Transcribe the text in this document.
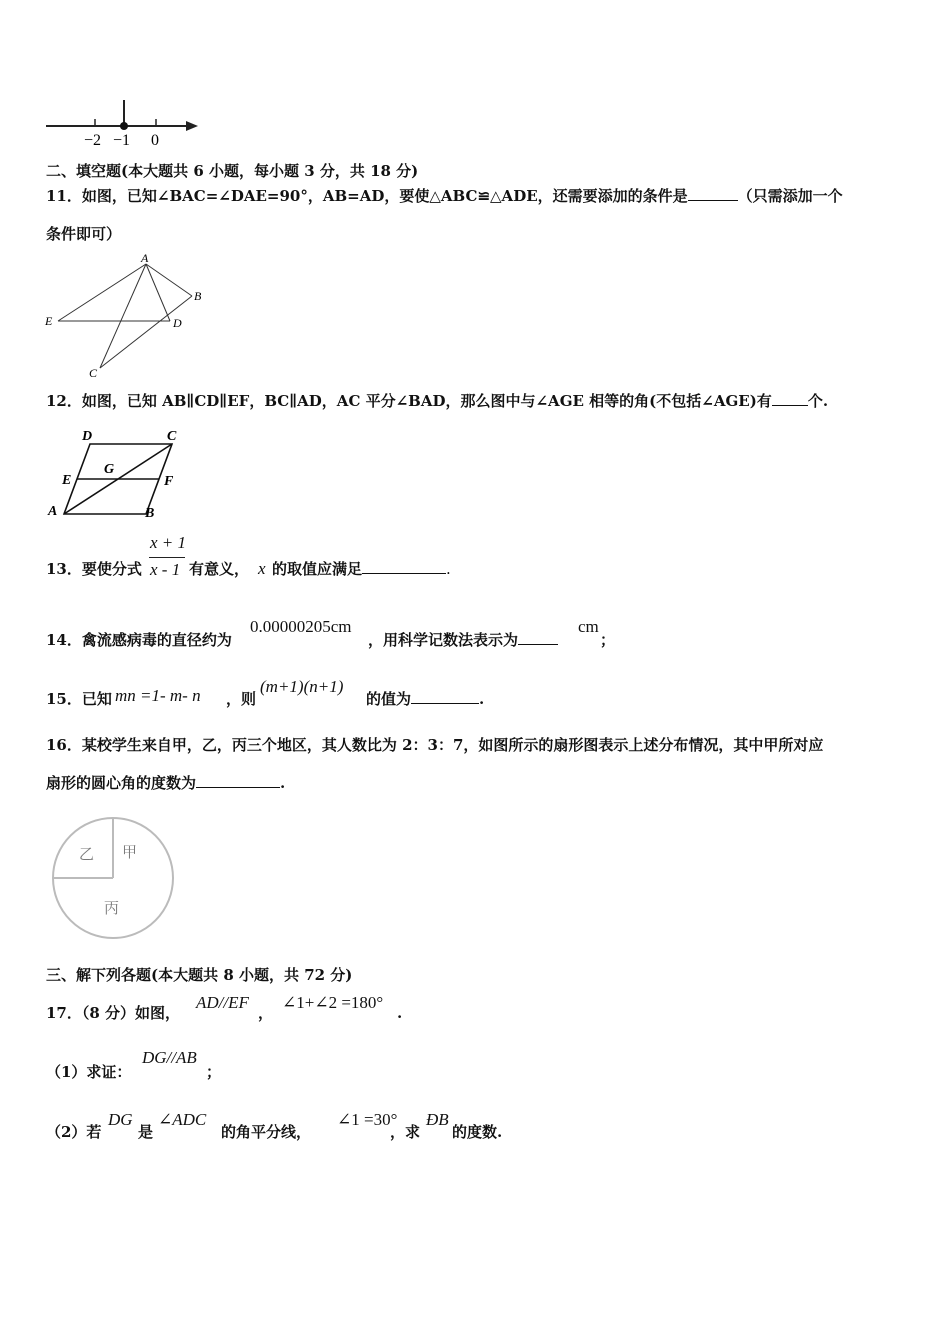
−2 −1 0
二、填空题(本大题共 6 小题，每小题 3 分，共 18 分)
11．如图，已知∠BAC=∠DAE=90°，AB=AD，要使△ABC≌△ADE，还需要添加的条件是	（只需添加一个
条件即可）
A
B
C
D
E
12．如图，已知 AB∥CD∥EF，BC∥AD，AC 平分∠BAD，那么图中与∠AGE 相等的角(不包括∠AGE)有 个.
D	C
E
G
F
A	B
13．要使分式
x + 1
x - 1 有意义， x 的取值应满足	.
14．禽流感病毒的直径约为
0.00000205cm
，用科学记数法表示为
cm
；
15．已知 mn =1- m- n ，则
(m+1)(n+1)
的值为	.
16．某校学生来自甲，乙，丙三个地区，其人数比为 2：3：7，如图所示的扇形图表示上述分布情况，其中甲所对应
扇形的圆心角的度数为	.
乙 甲
丙
三、解下列各题(本大题共 8 小题，共 72 分)
17．（8 分）如图，
AD//EF
，
∠1+∠2 =180°
.
（1）求证：
DG//AB
；
（2）若
DG
是
∠ADC
的角平分线，
∠1 =30°
，求
ÐB
的度数.
